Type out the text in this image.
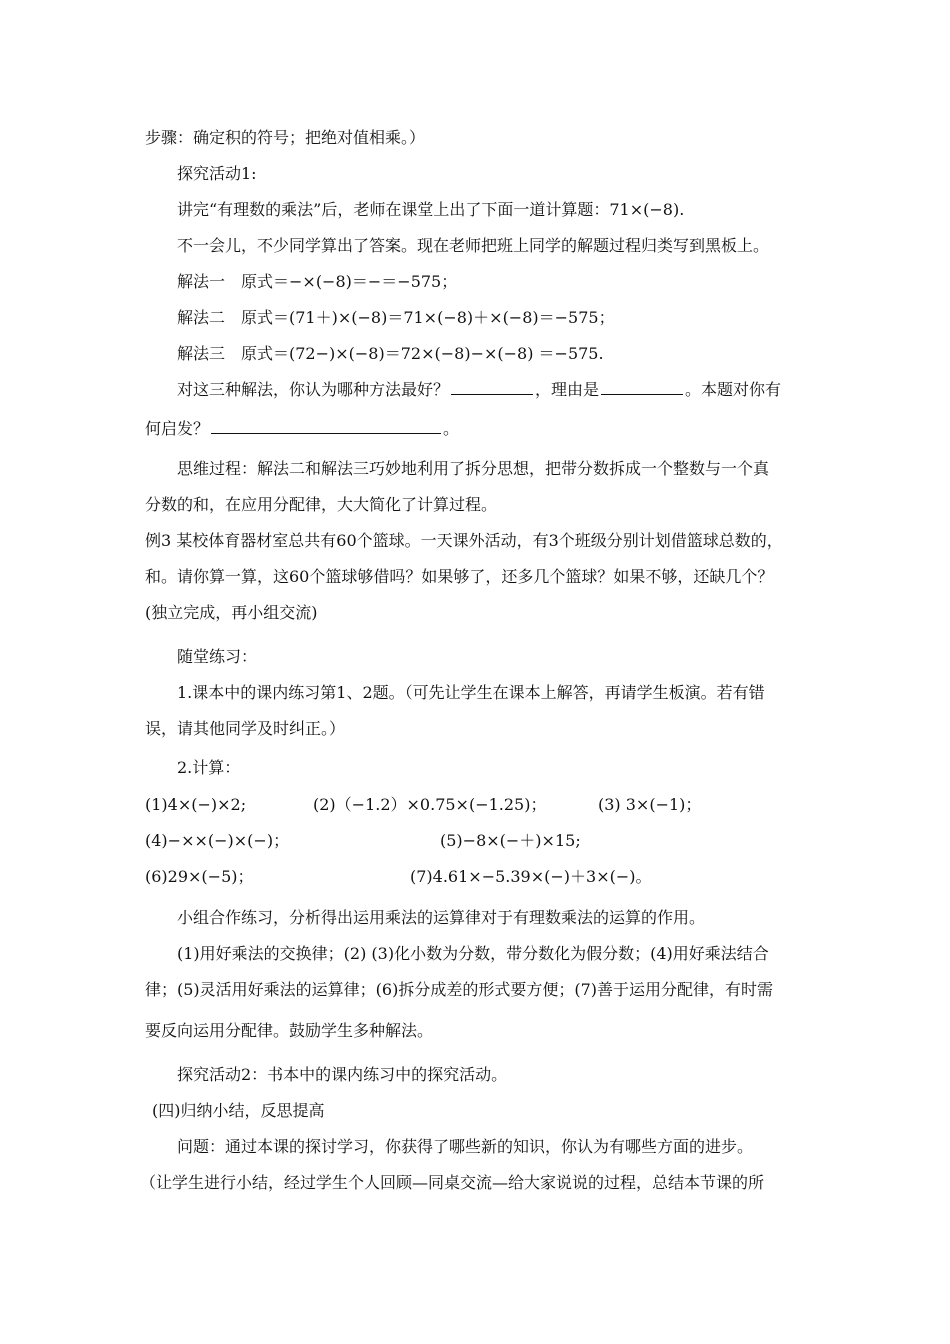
步骤：确定积的符号；把绝对值相乘。）
探究活动1:
讲完“有理数的乘法”后，老师在课堂上出了下面一道计算题：71×(−8).
不一会儿，不少同学算出了答案。现在老师把班上同学的解题过程归类写到黑板上。
解法一　原式＝−×(−8)＝−＝−575；
解法二　原式＝(71＋)×(−8)＝71×(−8)＋×(−8)＝−575；
解法三　原式＝(72−)×(−8)＝72×(−8)−×(−8) ＝−575.
对这三种解法，你认为哪种方法最好？	，理由是	。本题对你有
何启发？	。
思维过程：解法二和解法三巧妙地利用了拆分思想，把带分数拆成一个整数与一个真
分数的和，在应用分配律，大大简化了计算过程。
例3 某校体育器材室总共有60个篮球。一天课外活动，有3个班级分别计划借篮球总数的，
和。请你算一算，这60个篮球够借吗？如果够了，还多几个篮球？如果不够，还缺几个？
(独立完成，再小组交流)
随堂练习：
1.课本中的课内练习第1、2题。（可先让学生在课本上解答，再请学生板演。若有错
误，请其他同学及时纠正。）
2.计算：
(1)4×(−)×2;	(2)（−1.2）×0.75×(−1.25)；	(3) 3×(−1)；
(4)−××(−)×(−)；	(5)−8×(−＋)×15;
(6)29×(−5)；	(7)4.61×−5.39×(−)＋3×(−)。
小组合作练习，分析得出运用乘法的运算律对于有理数乘法的运算的作用。
(1)用好乘法的交换律；(2) (3)化小数为分数，带分数化为假分数；(4)用好乘法结合
律；(5)灵活用好乘法的运算律；(6)拆分成差的形式要方便；(7)善于运用分配律，有时需
要反向运用分配律。鼓励学生多种解法。
探究活动2：书本中的课内练习中的探究活动。
(四)归纳小结，反思提高
问题：通过本课的探讨学习，你获得了哪些新的知识，你认为有哪些方面的进步。
（让学生进行小结，经过学生个人回顾—同桌交流—给大家说说的过程，总结本节课的所
